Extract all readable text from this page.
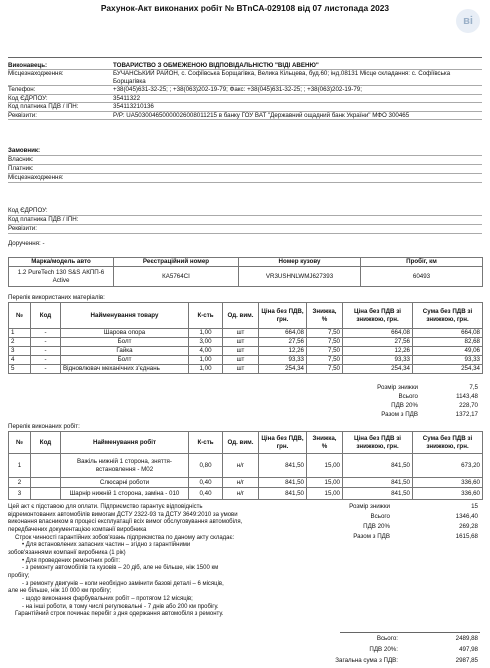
Рахунок-Акт виконаних робіт № ВТnСА-029108 від 07 листопада 2023
ві
Виконавець:	ТОВАРИСТВО З ОБМЕЖЕНОЮ ВІДПОВІДАЛЬНІСТЮ "ВІДІ АВЕНЮ"
Місцезнаходження:	БУЧАНСЬКИЙ РАЙОН, с. Софіївська Борщагівка, Велика Кільцева, буд.60; інд.08131 Місце складання: с. Софіївська Борщагівка
Телефон:	+38(045)631-32-25; ; +38(063)202-19-79; Факс: +38(045)631-32-25; ; +38(063)202-19-79;
Код ЄДРПОУ:	35411322
Код платника ПДВ / ІПН:	354113210136
Реквізити:	Р/Р: UA503004650000026008011215 в банку ГОУ ВАТ "Державний ощадний банк України" МФО 300465
Замовник:
Власник:
Платник:
Місцезнаходження:
Код ЄДРПОУ:
Код платника ПДВ / ІПН:
Реквізити:
Доручення: -
Марка/модель авто	Реєстраційний номер	Номер кузову	Пробіг, км
1.2 PureTech 130 S&S АКПП-6 Active	КА5764СІ	VR3USHNLWMJ627393	60493
Перелік використаних матеріалів:
№	Код	Найменування товару	К-сть	Од. вим.	Ціна без ПДВ, грн.	Знижка, %	Ціна без ПДВ зі знижкою, грн.	Сума без ПДВ зі знижкою, грн.
1	-	Шарова опора	1,00	шт	664,08	7,50	664,08	664,08
2	-	Болт	3,00	шт	27,56	7,50	27,56	82,68
3	-	Гайка	4,00	шт	12,26	7,50	12,26	49,06
4	-	Болт	1,00	шт	93,33	7,50	93,33	93,33
5	-	Відновлювач механічних з'єднань	1,00	шт	254,34	7,50	254,34	254,34
Розмір знижки	7,5
Всього	1143,48
ПДВ 20%	228,70
Разом з ПДВ	1372,17
Перелік виконаних робіт:
№	Код	Найменування робіт	К-сть	Од. вим.	Ціна без ПДВ, грн.	Знижка, %	Ціна без ПДВ зі знижкою, грн.	Сума без ПДВ зі знижкою, грн.
1		Важіль нижній 1 сторона, зняття-встановлення - М02	0,80	н/г	841,50	15,00	841,50	673,20
2		Слюсарні роботи	0,40	н/г	841,50	15,00	841,50	336,60
3		Шарнір нижній 1 сторона, заміна - 010	0,40	н/г	841,50	15,00	841,50	336,60
Цей акт є підставою для оплати. Підприємство гарантує відповідність
відремонтованих автомобілів вимогам ДСТУ 2322-93 та ДСТУ 3649:2010 за умови
виконання власником в процесі експлуатації всіх вимог обслуговування автомобіля,
передбачених документацією компанії виробника
Строк чинності гарантійних зобов'язань підприємства по даному акту складає:
• Для встановлених запасних частин – згідно з гарантійними
зобов'язаннями компанії виробника (1 рік)
• Для проведених ремонтних робіт:
- з ремонту автомобілів та кузовів – 20 діб, але не більше, ніж 1500 км
пробігу;
- з ремонту двигунів – коли необхідно замінити базові деталі – 6 місяців,
але не більше, ніж 10 000 км пробігу;
- щодо виконання фарбувальних робіт – протягом 12 місяців;
- на інші роботи, в тому числі регулювальні - 7 днів або 200 км пробігу.
Гарантійний строк починає перебіг з дня одержання автомобіля з ремонту.
Розмір знижки	15
Всього	1346,40
ПДВ 20%	269,28
Разом з ПДВ	1615,68
Всього:	2489,88
ПДВ 20%:	497,98
Загальна сума з ПДВ:	2987,85
